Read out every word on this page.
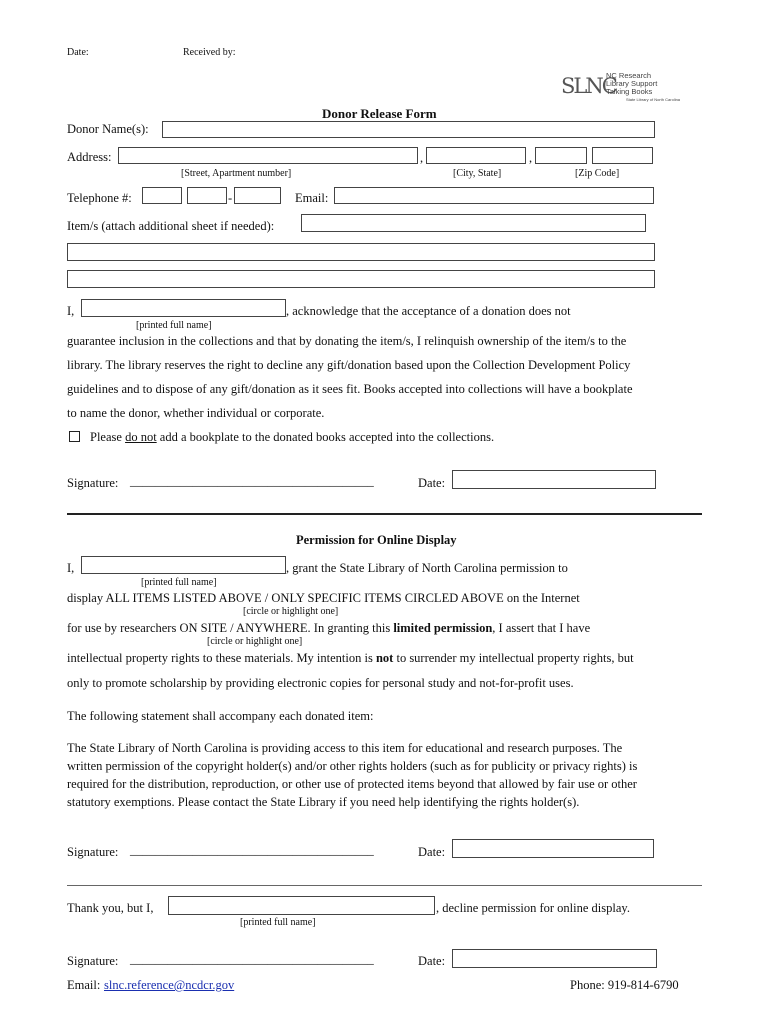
Date:	Received by:
SLNC
NC Research
Library Support
Talking Books
State Library of North Carolina
Donor Release Form
Donor Name(s):
Address:	,	,
[Street, Apartment number]	[City, State]	[Zip Code]
Telephone #:	-	Email:
Item/s (attach additional sheet if needed):
I,	, acknowledge that the acceptance of a donation does not
[printed full name]
guarantee inclusion in the collections and that by donating the item/s, I relinquish ownership of the item/s to the
library. The library reserves the right to decline any gift/donation based upon the Collection Development Policy
guidelines and to dispose of any gift/donation as it sees fit. Books accepted into collections will have a bookplate
to name the donor, whether individual or corporate.
Please do not add a bookplate to the donated books accepted into the collections.
Signature: _______________________________________	Date:
Permission for Online Display
I,	, grant the State Library of North Carolina permission to
[printed full name]
display ALL ITEMS LISTED ABOVE / ONLY SPECIFIC ITEMS CIRCLED ABOVE on the Internet
[circle or highlight one]
for use by researchers ON SITE / ANYWHERE. In granting this limited permission, I assert that I have
[circle or highlight one]
intellectual property rights to these materials. My intention is not to surrender my intellectual property rights, but
only to promote scholarship by providing electronic copies for personal study and not-for-profit uses.
The following statement shall accompany each donated item:
The State Library of North Carolina is providing access to this item for educational and research purposes. The
written permission of the copyright holder(s) and/or other rights holders (such as for publicity or privacy rights) is
required for the distribution, reproduction, or other use of protected items beyond that allowed by fair use or other
statutory exemptions. Please contact the State Library if you need help identifying the rights holder(s).
Signature: _______________________________________	Date:
Thank you, but I,	, decline permission for online display.
[printed full name]
Signature: _______________________________________	Date:
Email: slnc.reference@ncdcr.gov	Phone: 919-814-6790
